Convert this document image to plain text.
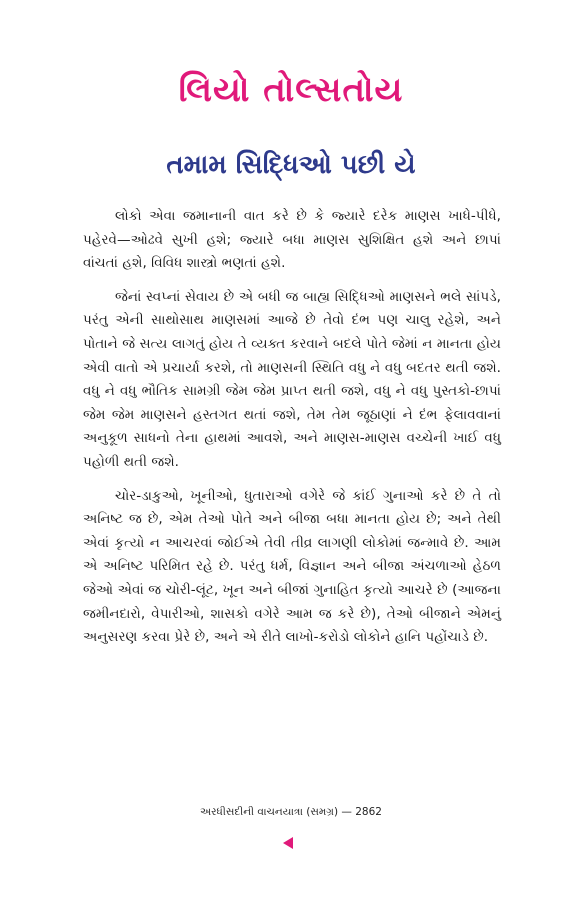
લિયો તોલ્સતોય
તમામ સિદ્ધિઓ પછી યે

લોકો એવા જમાનાની વાત કરે છે કે જ્યારે દરેક માણસ ખાધે-પીધે, પહેરવે—ઓઢવે સુખી હશે; જ્યારે બધા માણસ સુશિક્ષિત હશે અને છાપાં વાંચતાં હશે, વિવિધ શાસ્ત્રો ભણતાં હશે.

જેનાં સ્વપ્નાં સેવાય છે એ બધી જ બાહ્ય સિદ્ધિઓ માણસને ભલે સાંપડે, પરંતુ એની સાથોસાથ માણસમાં આજે છે તેવો દંભ પણ ચાલુ રહેશે, અને પોતાને જે સત્ય લાગતું હોય તે વ્યક્ત કરવાને બદલે પોતે જેમાં ન માનતા હોય એવી વાતો એ પ્રચાર્યા કરશે, તો માણસની સ્થિતિ વધુ ને વધુ બદતર થતી જશે. વધુ ને વધુ ભૌતિક સામગ્રી જેમ જેમ પ્રાપ્ત થતી જશે, વધુ ને વધુ પુસ્તકો-છાપાં જેમ જેમ માણસને હસ્તગત થતાં જશે, તેમ તેમ જૂઠાણાં ને દંભ ફેલાવવાનાં અનુકૂળ સાધનો તેના હાથમાં આવશે, અને માણસ-માણસ વચ્ચેની ખાઈ વધુ પહોળી થતી જશે.

ચોર-ડાકુઓ, ખૂનીઓ, ધુતારાઓ વગેરે જે કાંઈ ગુનાઓ કરે છે તે તો અનિષ્ટ જ છે, એમ તેઓ પોતે અને બીજા બધા માનતા હોય છે; અને તેથી એવાં કૃત્યો ન આચરવાં જોઈએ તેવી તીવ્ર લાગણી લોકોમાં જન્માવે છે. આમ એ અનિષ્ટ પરિમિત રહે છે. પરંતુ ધર્મ, વિજ્ઞાન અને બીજા અંચળાઓ હેઠળ જેઓ એવાં જ ચોરી-લૂંટ, ખૂન અને બીજાં ગુનાહિત કૃત્યો આચરે છે (આજના જમીનદારો, વેપારીઓ, શાસકો વગેરે આમ જ કરે છે), તેઓ બીજાને એમનું અનુસરણ કરવા પ્રેરે છે, અને એ રીતે લાખો-કરોડો લોકોને હાનિ પહોંચાડે છે.

અરધીસદીની વાચનયાત્રા (સમગ્ર) — 2862
